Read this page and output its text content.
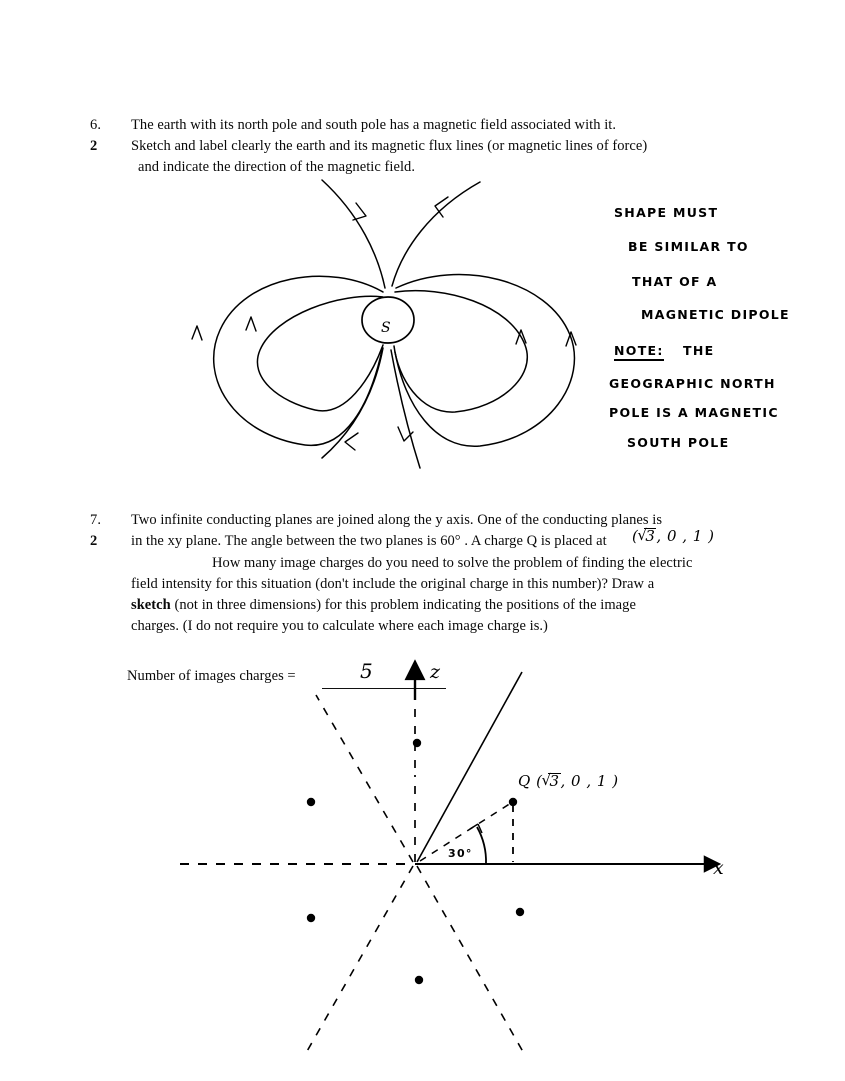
6.
2
The earth with its north pole and south pole has a magnetic field associated with it.
Sketch and label clearly the earth and its magnetic flux lines (or magnetic lines of force)
and indicate the direction of the magnetic field.
S
SHAPE MUST
BE SIMILAR TO
THAT OF A
MAGNETIC DIPOLE
NOTE: THE
GEOGRAPHIC NORTH
POLE IS A MAGNETIC
SOUTH POLE
7.
2
Two infinite conducting planes are joined along the y axis. One of the conducting planes is
in the xy plane. The angle between the two planes is 60° . A charge Q is placed at ( √ 3, 0 , 1 )
How many image charges do you need to solve the problem of finding the electric
field intensity for this situation (don't include the original charge in this number)? Draw a
sketch (not in three dimensions) for this problem indicating the positions of the image
charges. (I do not require you to calculate where each image charge is.)
Number of images charges =	5	z
x
Q ( √ 3, 0 , 1 )
30°
